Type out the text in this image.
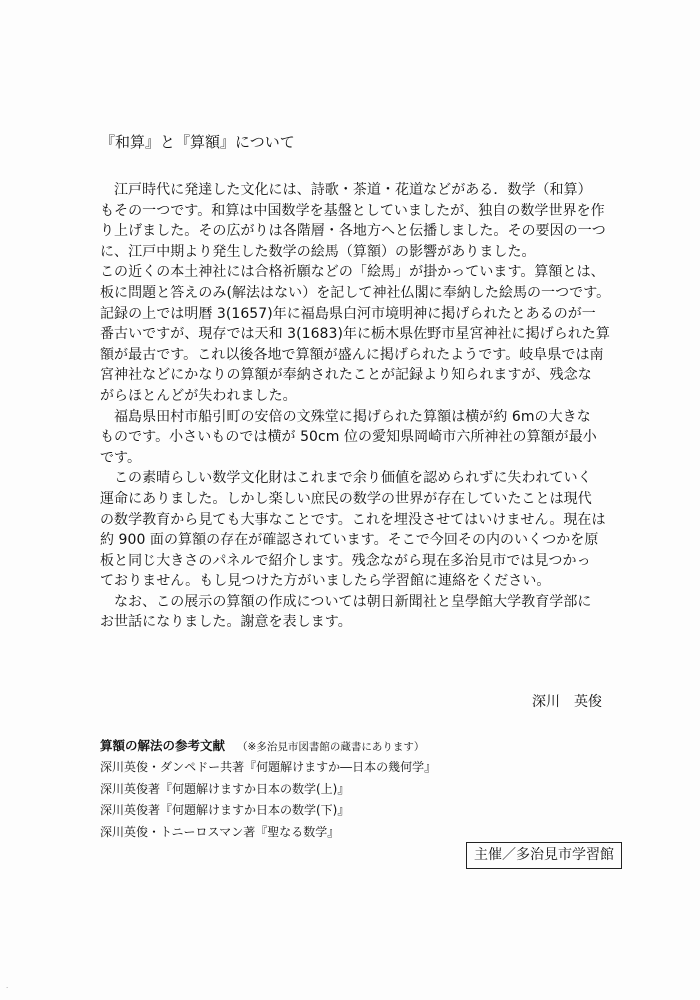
『和算』と『算額』について
江戸時代に発達した文化には、詩歌・茶道・花道などがある．数学（和算）
もその一つです。和算は中国数学を基盤としていましたが、独自の数学世界を作
り上げました。その広がりは各階層・各地方へと伝播しました。その要因の一つ
に、江戸中期より発生した数学の絵馬（算額）の影響がありました。
この近くの本土神社には合格祈願などの「絵馬」が掛かっています。算額とは、
板に問題と答えのみ(解法はない）を記して神社仏閣に奉納した絵馬の一つです。
記録の上では明暦 3(1657)年に福島県白河市境明神に掲げられたとあるのが一
番古いですが、現存では天和 3(1683)年に栃木県佐野市星宮神社に掲げられた算
額が最古です。これ以後各地で算額が盛んに掲げられたようです。岐阜県では南
宮神社などにかなりの算額が奉納されたことが記録より知られますが、残念な
がらほとんどが失われました。
福島県田村市船引町の安倍の文殊堂に掲げられた算額は横が約 6mの大きな
ものです。小さいものでは横が 50cm 位の愛知県岡崎市六所神社の算額が最小
です。
この素晴らしい数学文化財はこれまで余り価値を認められずに失われていく
運命にありました。しかし楽しい庶民の数学の世界が存在していたことは現代
の数学教育から見ても大事なことです。これを埋没させてはいけません。現在は
約 900 面の算額の存在が確認されています。そこで今回その内のいくつかを原
板と同じ大きさのパネルで紹介します。残念ながら現在多治見市では見つかっ
ておりません。もし見つけた方がいましたら学習館に連絡をください。
なお、この展示の算額の作成については朝日新聞社と皇學館大学教育学部に
お世話になりました。謝意を表します。
深川　英俊
算額の解法の参考文献 （※多治見市図書館の蔵書にあります）
深川英俊・ダンペドー共著『何題解けますか―日本の幾何学』
深川英俊著『何題解けますか日本の数学(上)』
深川英俊著『何題解けますか日本の数学(下)』
深川英俊・トニーロスマン著『聖なる数学』
主催／多治見市学習館
·
